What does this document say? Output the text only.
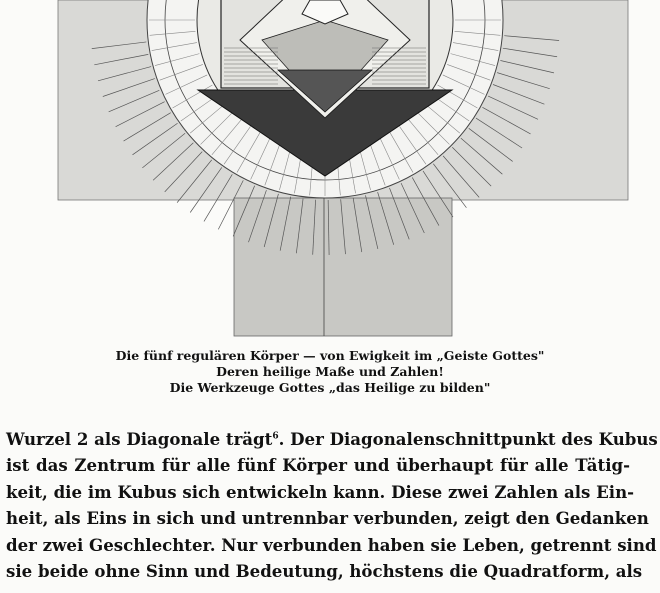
Die fünf regulären Körper — von Ewigkeit im „Geiste Gottes"
Deren heilige Maße und Zahlen!
Die Werkzeuge Gottes „das Heilige zu bilden"
Wurzel 2 als Diagonale trägt$^6$. Der Diagonalenschnittpunkt des Kubus
ist das Zentrum für alle fünf Körper und überhaupt für alle Tätig-
keit, die im Kubus sich entwickeln kann. Diese zwei Zahlen als Ein-
heit, als Eins in sich und untrennbar verbunden, zeigt den Gedanken
der zwei Geschlechter. Nur verbunden haben sie Leben, getrennt sind
sie beide ohne Sinn und Bedeutung, höchstens die Quadratform, als
